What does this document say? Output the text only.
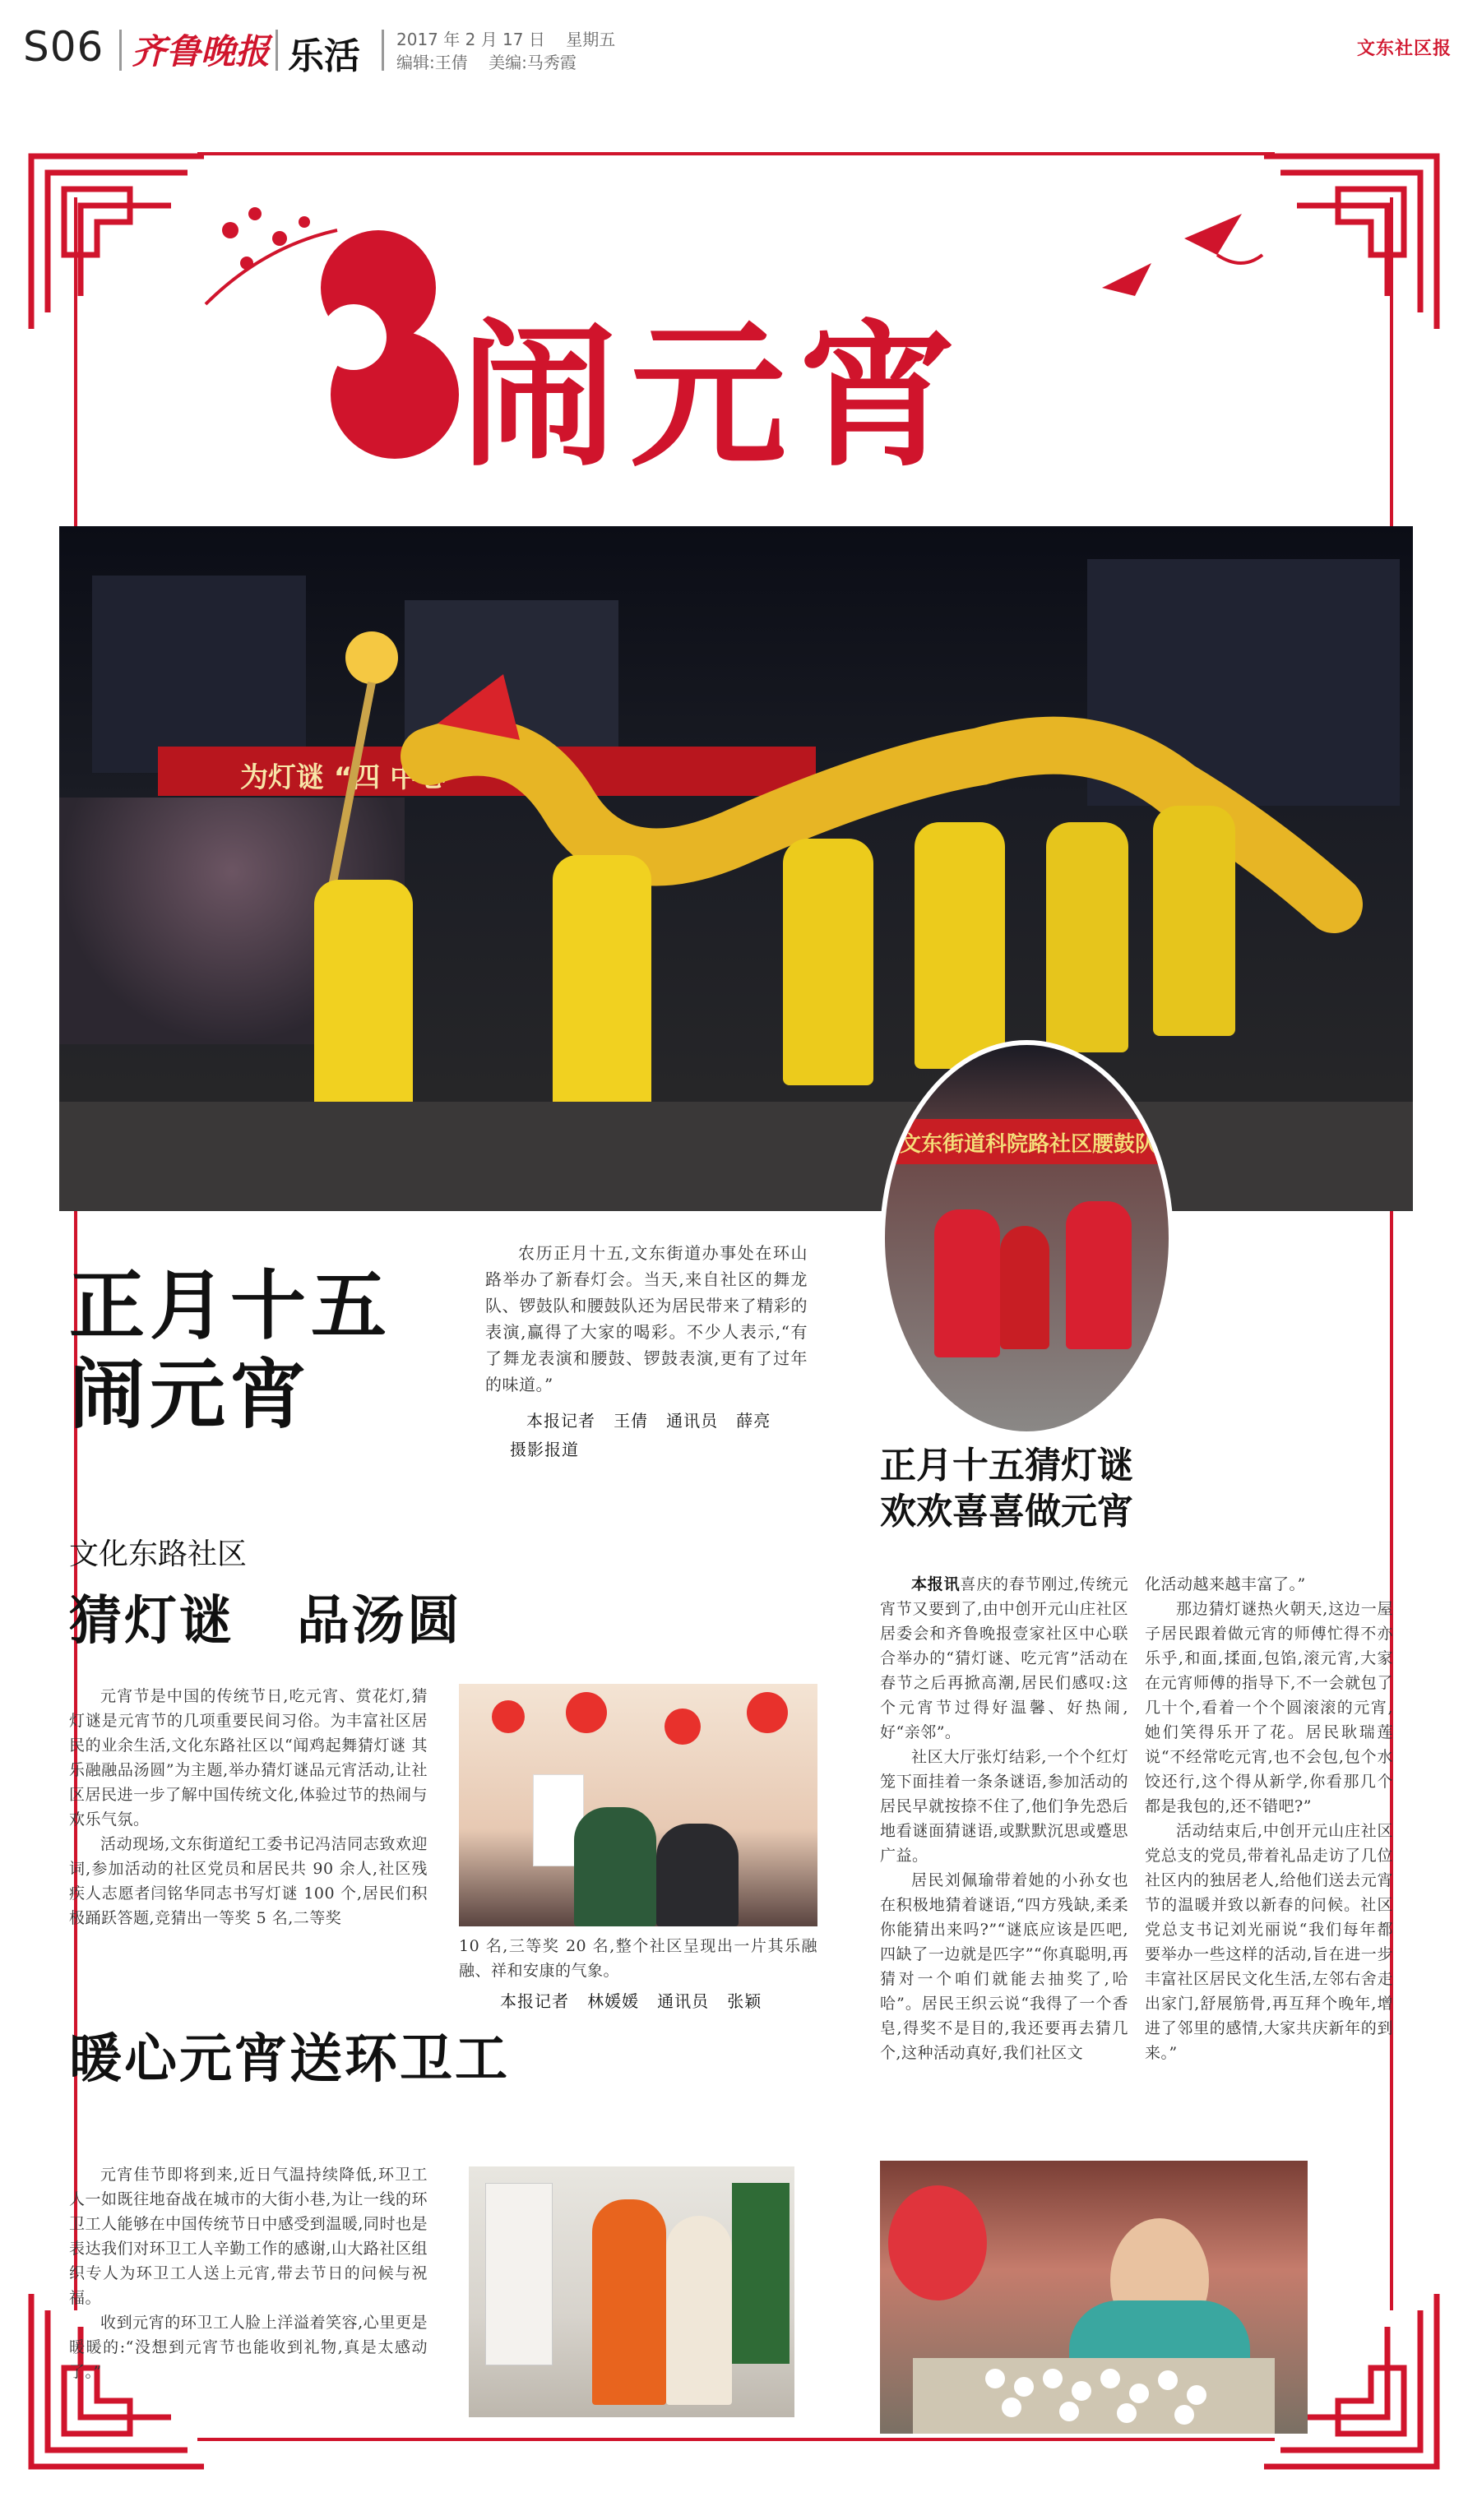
S06 齐鲁晚报 乐活 2017 年 2 月 17 日    星期五
编辑:王倩    美编:马秀霞
文东社区报
闹元宵
为灯谜 “四 中心
文东街道科院路社区腰鼓队
正月十五
闹元宵

农历正月十五,文东街道办事处在环山路举办了新春灯会。当天,来自社区的舞龙队、锣鼓队和腰鼓队还为居民带来了精彩的表演,赢得了大家的喝彩。不少人表示,“有了舞龙表演和腰鼓、锣鼓表演,更有了过年的味道。”

本报记者   王倩   通讯员   薛亮
摄影报道
文化东路社区
猜灯谜   品汤圆

元宵节是中国的传统节日,吃元宵、赏花灯,猜灯谜是元宵节的几项重要民间习俗。为丰富社区居民的业余生活,文化东路社区以“闻鸡起舞猜灯谜 其乐融融品汤圆”为主题,举办猜灯谜品元宵活动,让社区居民进一步了解中国传统文化,体验过节的热闹与欢乐气氛。

活动现场,文东街道纪工委书记冯洁同志致欢迎词,参加活动的社区党员和居民共 90 余人,社区残疾人志愿者闫铭华同志书写灯谜 100 个,居民们积极踊跃答题,竞猜出一等奖 5 名,二等奖

10 名,三等奖 20 名,整个社区呈现出一片其乐融融、祥和安康的气象。

本报记者   林媛媛   通讯员   张颖
正月十五猜灯谜
欢欢喜喜做元宵

本报讯喜庆的春节刚过,传统元宵节又要到了,由中创开元山庄社区居委会和齐鲁晚报壹家社区中心联合举办的“猜灯谜、吃元宵”活动在春节之后再掀高潮,居民们感叹:这个元宵节过得好温馨、好热闹,好“亲邻”。

社区大厅张灯结彩,一个个红灯笼下面挂着一条条谜语,参加活动的居民早就按捺不住了,他们争先恐后地看谜面猜谜语,或默默沉思或蹙思广益。

居民刘佩瑜带着她的小孙女也在积极地猜着谜语,“四方残缺,柔柔你能猜出来吗?”“谜底应该是匹吧,四缺了一边就是匹字”“你真聪明,再猜对一个咱们就能去抽奖了,哈哈”。居民王织云说“我得了一个香皂,得奖不是目的,我还要再去猜几个,这种活动真好,我们社区文

化活动越来越丰富了。”

那边猜灯谜热火朝天,这边一屋子居民跟着做元宵的师傅忙得不亦乐乎,和面,揉面,包馅,滚元宵,大家在元宵师傅的指导下,不一会就包了几十个,看着一个个圆滚滚的元宵,她们笑得乐开了花。居民耿瑞莲说“不经常吃元宵,也不会包,包个水饺还行,这个得从新学,你看那几个都是我包的,还不错吧?”

活动结束后,中创开元山庄社区党总支的党员,带着礼品走访了几位社区内的独居老人,给他们送去元宵节的温暖并致以新春的问候。社区党总支书记刘光丽说“我们每年都要举办一些这样的活动,旨在进一步丰富社区居民文化生活,左邻右舍走出家门,舒展筋骨,再互拜个晚年,增进了邻里的感情,大家共庆新年的到来。”

暖心元宵送环卫工

元宵佳节即将到来,近日气温持续降低,环卫工人一如既往地奋战在城市的大街小巷,为让一线的环卫工人能够在中国传统节日中感受到温暖,同时也是表达我们对环卫工人辛勤工作的感谢,山大路社区组织专人为环卫工人送上元宵,带去节日的问候与祝福。

收到元宵的环卫工人脸上洋溢着笑容,心里更是暖暖的:“没想到元宵节也能收到礼物,真是太感动了。”
